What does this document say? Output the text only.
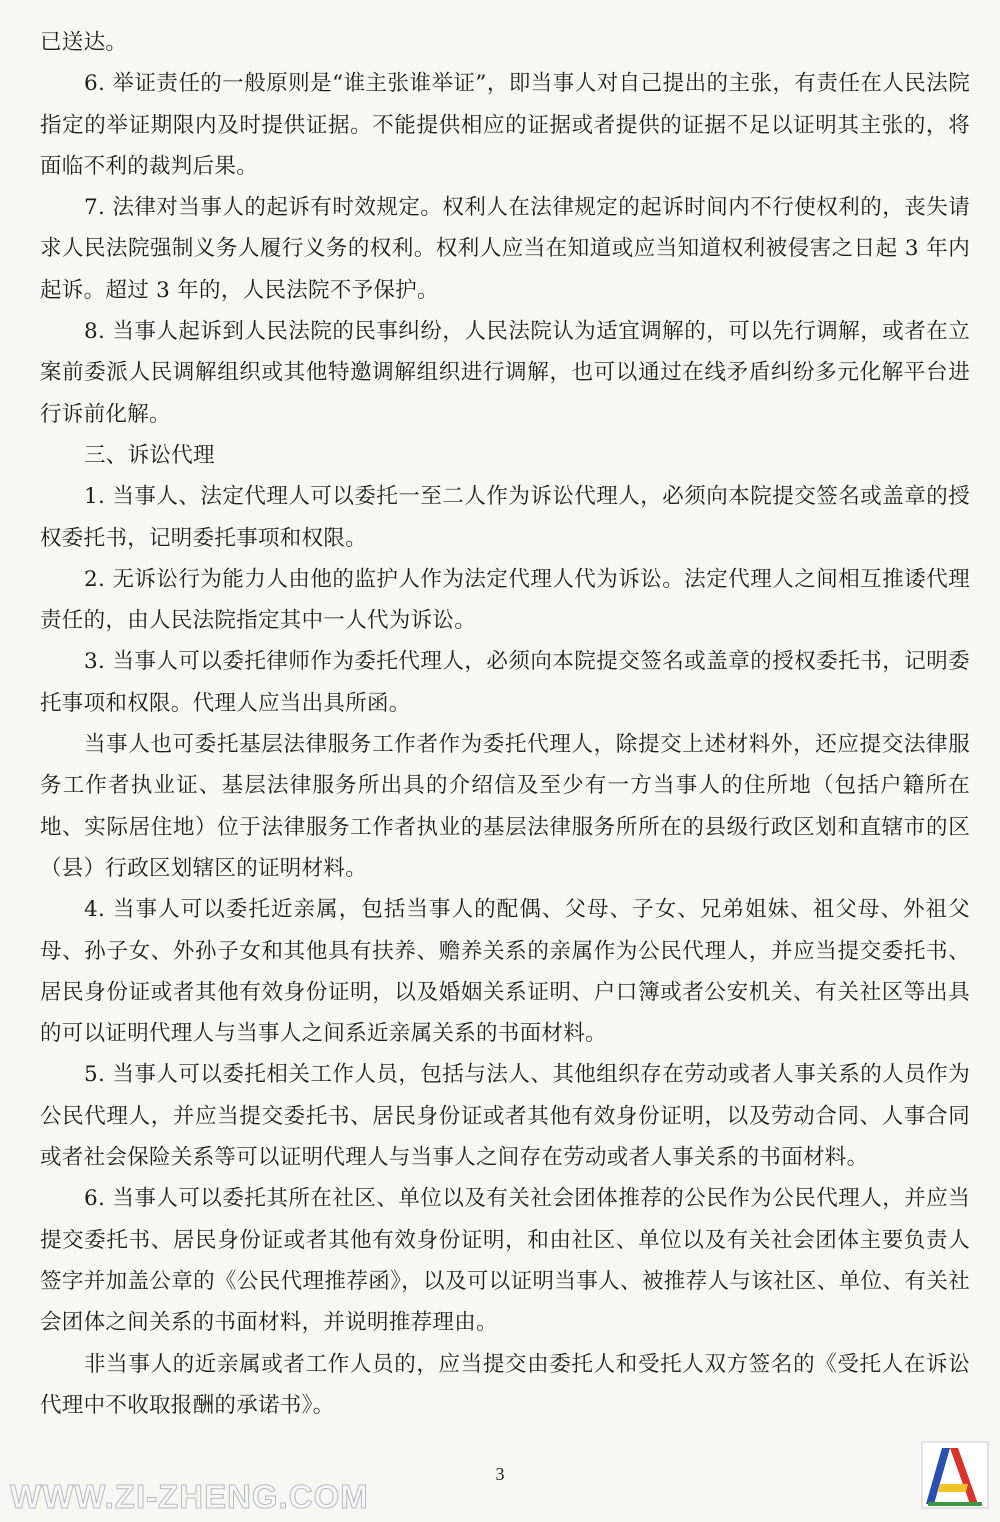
已送达。

6. 举证责任的一般原则是“谁主张谁举证”，即当事人对自己提出的主张，有责任在人民法院指定的举证期限内及时提供证据。不能提供相应的证据或者提供的证据不足以证明其主张的，将面临不利的裁判后果。

7. 法律对当事人的起诉有时效规定。权利人在法律规定的起诉时间内不行使权利的，丧失请求人民法院强制义务人履行义务的权利。权利人应当在知道或应当知道权利被侵害之日起 3 年内起诉。超过 3 年的，人民法院不予保护。

8. 当事人起诉到人民法院的民事纠纷，人民法院认为适宜调解的，可以先行调解，或者在立案前委派人民调解组织或其他特邀调解组织进行调解，也可以通过在线矛盾纠纷多元化解平台进行诉前化解。

三、诉讼代理

1. 当事人、法定代理人可以委托一至二人作为诉讼代理人，必须向本院提交签名或盖章的授权委托书，记明委托事项和权限。

2. 无诉讼行为能力人由他的监护人作为法定代理人代为诉讼。法定代理人之间相互推诿代理责任的，由人民法院指定其中一人代为诉讼。

3. 当事人可以委托律师作为委托代理人，必须向本院提交签名或盖章的授权委托书，记明委托事项和权限。代理人应当出具所函。

当事人也可委托基层法律服务工作者作为委托代理人，除提交上述材料外，还应提交法律服务工作者执业证、基层法律服务所出具的介绍信及至少有一方当事人的住所地（包括户籍所在地、实际居住地）位于法律服务工作者执业的基层法律服务所所在的县级行政区划和直辖市的区（县）行政区划辖区的证明材料。

4. 当事人可以委托近亲属，包括当事人的配偶、父母、子女、兄弟姐妹、祖父母、外祖父母、孙子女、外孙子女和其他具有扶养、赡养关系的亲属作为公民代理人，并应当提交委托书、居民身份证或者其他有效身份证明，以及婚姻关系证明、户口簿或者公安机关、有关社区等出具的可以证明代理人与当事人之间系近亲属关系的书面材料。

5. 当事人可以委托相关工作人员，包括与法人、其他组织存在劳动或者人事关系的人员作为公民代理人，并应当提交委托书、居民身份证或者其他有效身份证明，以及劳动合同、人事合同或者社会保险关系等可以证明代理人与当事人之间存在劳动或者人事关系的书面材料。

6. 当事人可以委托其所在社区、单位以及有关社会团体推荐的公民作为公民代理人，并应当提交委托书、居民身份证或者其他有效身份证明，和由社区、单位以及有关社会团体主要负责人签字并加盖公章的《公民代理推荐函》，以及可以证明当事人、被推荐人与该社区、单位、有关社会团体之间关系的书面材料，并说明推荐理由。

非当事人的近亲属或者工作人员的，应当提交由委托人和受托人双方签名的《受托人在诉讼代理中不收取报酬的承诺书》。

3
WWW.ZI-ZHENG.COM
